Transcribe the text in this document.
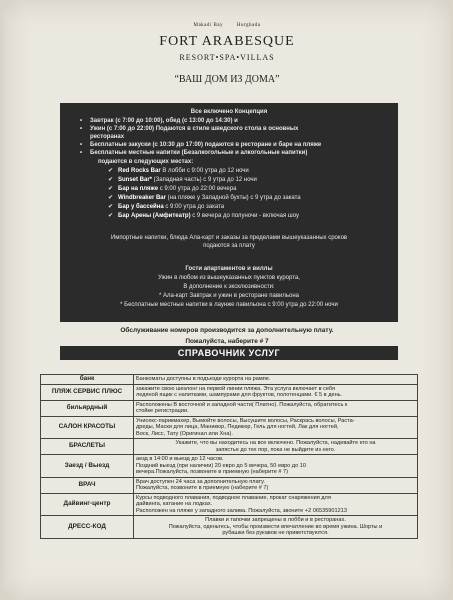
Makadi Bay	Hurghada
FORT ARABESQUE
RESORT•SPA•VILLAS
“ВАШ ДОМ ИЗ ДОМА”
Все включено Концепция
• Завтрак (с 7:00 до 10:00), обед (с 13:00 до 14:30) и
• Ужин (с 7:00 до 22:00) Подаются в стиле шведского стола в основных
ресторанах
• Бесплатные закуски (с 10:30 до 17:00) подаются в ресторане и баре на пляже
• Бесплатные местные напитки (Безалкогольные и алкогольные напитки)
подаются в следующих местах:
✔ Red Rocks Bar В лобби с 9:00 утра до 12 ночи
✔ Sunset Bar* (Западная часть) с 9 утра до 12 ночи
✔ Бар на пляже с 9:00 утра до 22:00 вечера
✔ Windbreaker Bar (на пляже у Западной бухты) с 9 утра до заката
✔ Бар у бассейна с 9:00 утра до заката
✔ Бар Арены (Амфитеатр) с 9 вечера до полуночи - включая шоу
Импортные напитки, блюда Ала-карт и заказы за пределами вышеуказанных сроков
подаются за плату
Гости апартаментов и виллы
Ужин в любом из вышеуказанных пунктов курорта,
В дополнение к эксклюзивности:
* Ала-карт Завтрак и ужин в ресторане павильона
* Бесплатные местные напитки в лаунже павильона с 9:00 утра до 22:00 ночи
Обслуживание номеров производится за дополнительную плату.
Пожалуйста, наберите # 7
СПРАВОЧНИК УСЛУГ
банк	Банкоматы доступны в подъезде курорта на рампе.

ПЛЯЖ СЕРВИС ПЛЮС	закажите свою шезлонг на первой линии пляжа. Эта услуга включает в себя
ледяной ящик с напитками, шампурами для фруктов, полотенцами. € 5 в день.

бильярдный	Расположены В восточной и западной части( Платно). Пожалуйста, обратитесь к
стойке регистрации.

САЛОН КРАСОТЫ	Унисекс-парикмахер, Вымойте волосы, Высушите волосы, Раскрась волосы, Раста-
дреды, Маски для лица, Маникюр, Педикюр, Гель для ногтей, Лак для ногтей,
Воск, Лисс, Тату (Оригинал или Хна).

БРАСЛЕТЫ	Укажите, что вы находитесь на все включено. Пожалуйста, надевайте его на
запястье до тех пор, пока не выйдите из него.

Заезд / Выезд	аезд в 14:00 и выезд до 12 часов.
Поздний выезд (при наличии) 20 евро до 5 вечера, 50 евро до 10
вечера.Пожалуйста, позвоните в приемную (наберите # 7)

ВРАЧ	Врач доступен 24 часа за дополнительную плату.
Пожалуйста, позвоните в приемную (наберите # 7)

Дайвинг-центр	Курсы подводного плавания, подводное плавание, прокат снаряжения для
дайвинга, катание на лодках.
Расположен на пляже у западного залива. Пожалуйста, звоните +2 06535901213

ДРЕСС-КОД	Плавки и тапочки запрещены в лобби и в ресторанах.
Пожалуйста, оденьтесь, чтобы произвести впечатление во время ужина. Шорты и
рубашки без рукавов не приветствуются.
